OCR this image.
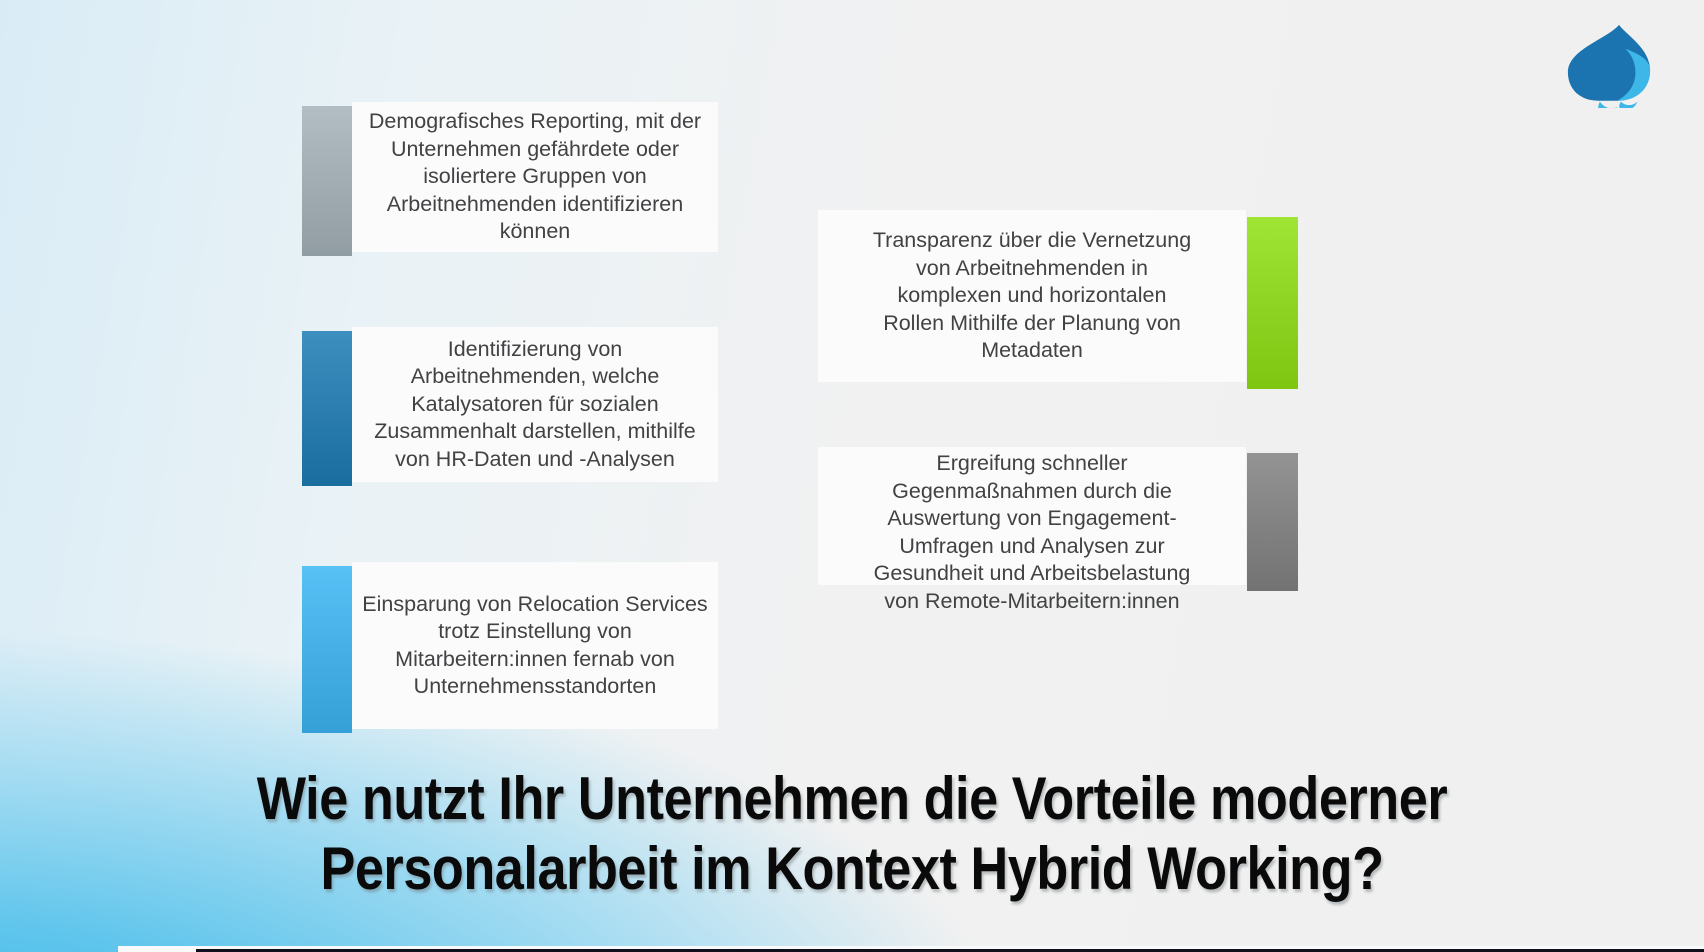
Demografisches Reporting, mit der
Unternehmen gefährdete oder
isoliertere Gruppen von
Arbeitnehmenden identifizieren
können

Identifizierung von
Arbeitnehmenden, welche
Katalysatoren für sozialen
Zusammenhalt darstellen, mithilfe
von HR-Daten und -Analysen

Einsparung von Relocation Services
trotz Einstellung von
Mitarbeitern:innen fernab von
Unternehmensstandorten

Transparenz über die Vernetzung
von Arbeitnehmenden in
komplexen und horizontalen
Rollen Mithilfe der Planung von
Metadaten

Ergreifung schneller
Gegenmaßnahmen durch die
Auswertung von Engagement-
Umfragen und Analysen zur
Gesundheit und Arbeitsbelastung
von Remote-Mitarbeitern:innen

Wie nutzt Ihr Unternehmen die Vorteile moderner
Personalarbeit im Kontext Hybrid Working?
